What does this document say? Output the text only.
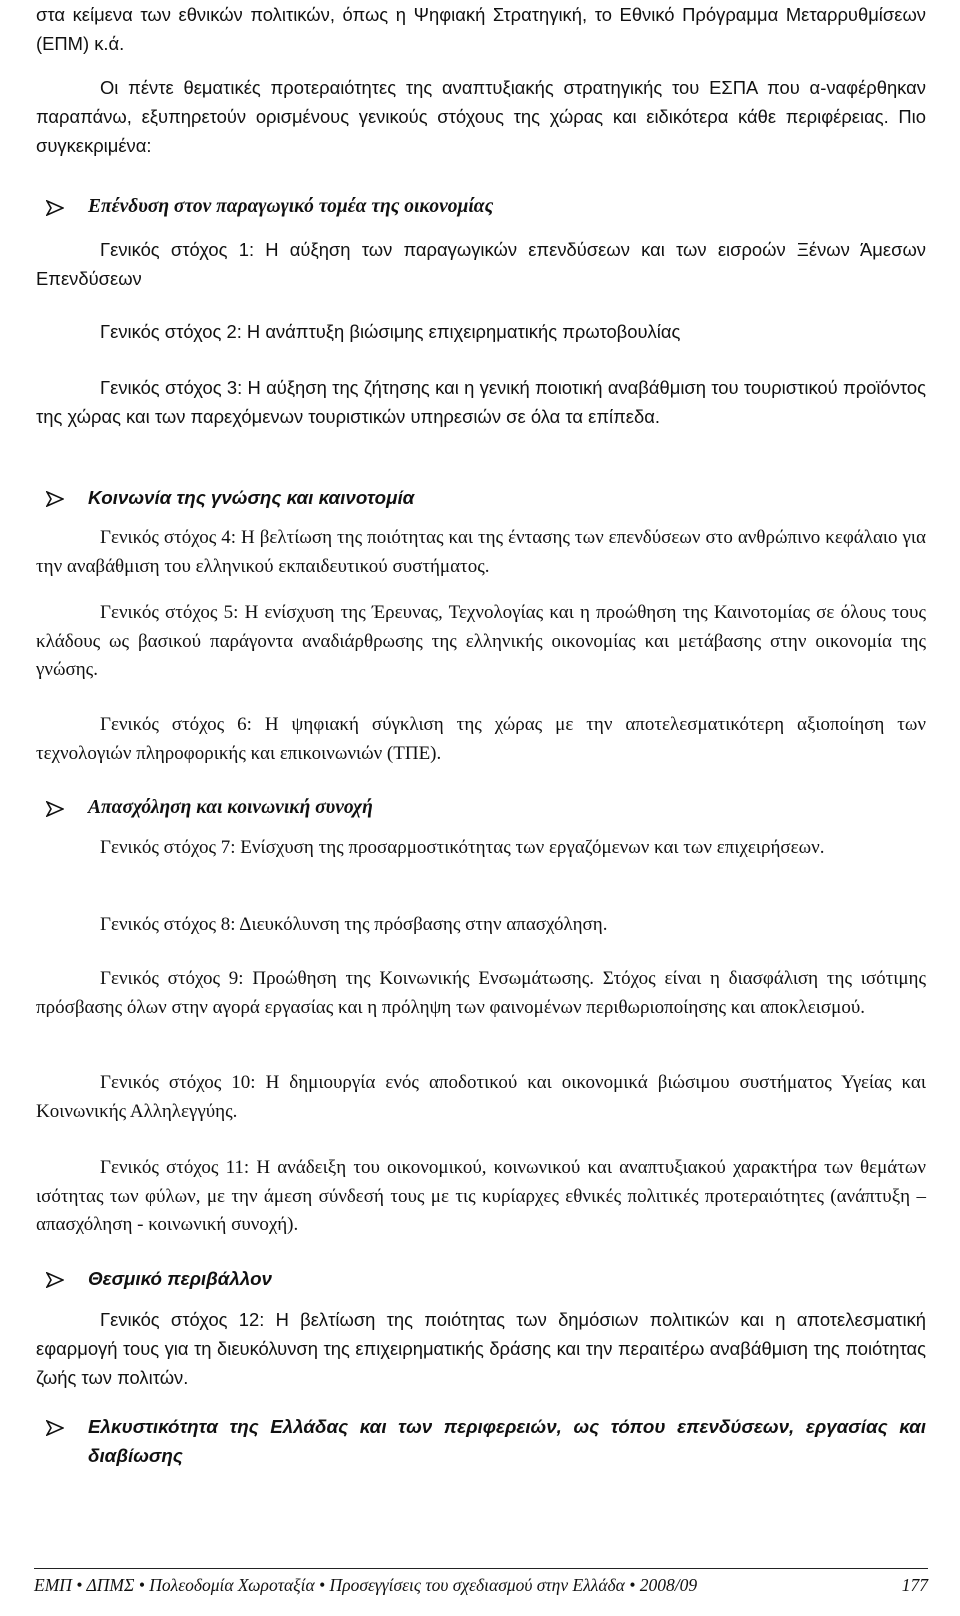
στα κείμενα των εθνικών πολιτικών, όπως η Ψηφιακή Στρατηγική, το Εθνικό Πρόγραμμα Μεταρρυθμίσεων (ΕΠΜ) κ.ά.

Οι πέντε θεματικές προτεραιότητες της αναπτυξιακής στρατηγικής του ΕΣΠΑ που α-ναφέρθηκαν παραπάνω, εξυπηρετούν ορισμένους γενικούς στόχους της χώρας και ειδικότερα κάθε περιφέρειας. Πιο συγκεκριμένα:

Επένδυση στον παραγωγικό τομέα της οικονομίας

Γενικός στόχος 1: Η αύξηση των παραγωγικών επενδύσεων και των εισροών Ξένων Άμεσων Επενδύσεων

Γενικός στόχος 2: Η ανάπτυξη βιώσιμης επιχειρηματικής πρωτοβουλίας

Γενικός στόχος 3: Η αύξηση της ζήτησης και η γενική ποιοτική αναβάθμιση του τουριστικού προϊόντος της χώρας και των παρεχόμενων τουριστικών υπηρεσιών σε όλα τα επίπεδα.

Κοινωνία της γνώσης και καινοτομία

Γενικός στόχος 4: Η βελτίωση της ποιότητας και της έντασης των επενδύσεων στο ανθρώπινο κεφάλαιο για την αναβάθμιση του ελληνικού εκπαιδευτικού συστήματος.

Γενικός στόχος 5: Η ενίσχυση της Έρευνας, Τεχνολογίας και η προώθηση της Καινοτομίας σε όλους τους κλάδους ως βασικού παράγοντα αναδιάρθρωσης της ελληνικής οικονομίας και μετάβασης στην οικονομία της γνώσης.

Γενικός στόχος 6: Η ψηφιακή σύγκλιση της χώρας με την αποτελεσματικότερη αξιοποίηση των τεχνολογιών πληροφορικής και επικοινωνιών (ΤΠΕ).

Απασχόληση και κοινωνική συνοχή

Γενικός στόχος 7: Ενίσχυση της προσαρμοστικότητας των εργαζόμενων και των επιχειρήσεων.

Γενικός στόχος 8: Διευκόλυνση της πρόσβασης στην απασχόληση.

Γενικός στόχος 9: Προώθηση της Κοινωνικής Ενσωμάτωσης. Στόχος είναι η διασφάλιση της ισότιμης πρόσβασης όλων στην αγορά εργασίας και η πρόληψη των φαινομένων περιθωριοποίησης και αποκλεισμού.

Γενικός στόχος 10: Η δημιουργία ενός αποδοτικού και οικονομικά βιώσιμου συστήματος Υγείας και Κοινωνικής Αλληλεγγύης.

Γενικός στόχος 11: Η ανάδειξη του οικονομικού, κοινωνικού και αναπτυξιακού χαρακτήρα των θεμάτων ισότητας των φύλων, με την άμεση σύνδεσή τους με τις κυρίαρχες εθνικές πολιτικές προτεραιότητες (ανάπτυξη – απασχόληση - κοινωνική συνοχή).

Θεσμικό περιβάλλον

Γενικός στόχος 12: Η βελτίωση της ποιότητας των δημόσιων πολιτικών και η αποτελεσματική εφαρμογή τους για τη διευκόλυνση της επιχειρηματικής δράσης και την περαιτέρω αναβάθμιση της ποιότητας ζωής των πολιτών.

Ελκυστικότητα της Ελλάδας και των περιφερειών, ως τόπου επενδύσεων, εργασίας και διαβίωσης
ΕΜΠ • ΔΠΜΣ • Πολεοδομία Χωροταξία • Προσεγγίσεις του σχεδιασμού στην Ελλάδα • 2008/09	177
